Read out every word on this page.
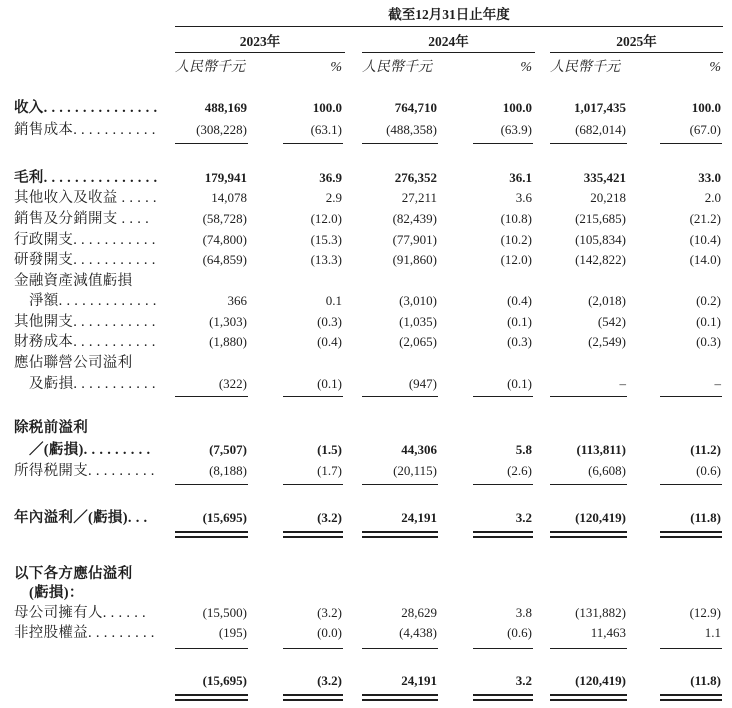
截至12月31日止年度
2023年	2024年	2025年
人民幣千元	% 人民幣千元	% 人民幣千元	%
收入. . . . . . . . . . . . . . .	488,169	100.0	764,710	100.0	1,017,435	100.0
銷售成本. . . . . . . . . . .	(308,228)	(63.1)	(488,358)	(63.9)	(682,014)	(67.0)
毛利. . . . . . . . . . . . . . .	179,941	36.9	276,352	36.1	335,421	33.0
其他收入及收益 . . . . .	14,078	2.9	27,211	3.6	20,218	2.0
銷售及分銷開支 . . . .	(58,728)	(12.0)	(82,439)	(10.8)	(215,685)	(21.2)
行政開支. . . . . . . . . . .	(74,800)	(15.3)	(77,901)	(10.2)	(105,834)	(10.4)
研發開支. . . . . . . . . . .	(64,859)	(13.3)	(91,860)	(12.0)	(142,822)	(14.0)
金融資產減值虧損
淨額. . . . . . . . . . . . .	366	0.1	(3,010)	(0.4)	(2,018)	(0.2)
其他開支. . . . . . . . . . .	(1,303)	(0.3)	(1,035)	(0.1)	(542)	(0.1)
財務成本. . . . . . . . . . .	(1,880)	(0.4)	(2,065)	(0.3)	(2,549)	(0.3)
應佔聯營公司溢利
及虧損. . . . . . . . . . .	(322)	(0.1)	(947)	(0.1)	–	–
除税前溢利
／(虧損). . . . . . . . .	(7,507)	(1.5)	44,306	5.8	(113,811)	(11.2)
所得税開支. . . . . . . . .	(8,188)	(1.7)	(20,115)	(2.6)	(6,608)	(0.6)
年內溢利／(虧損). . .	(15,695)	(3.2)	24,191	3.2	(120,419)	(11.8)
以下各方應佔溢利
(虧損)：
母公司擁有人. . . . . .	(15,500)	(3.2)	28,629	3.8	(131,882)	(12.9)
非控股權益. . . . . . . . .	(195)	(0.0)	(4,438)	(0.6)	11,463	1.1
(15,695)	(3.2)	24,191	3.2	(120,419)	(11.8)
